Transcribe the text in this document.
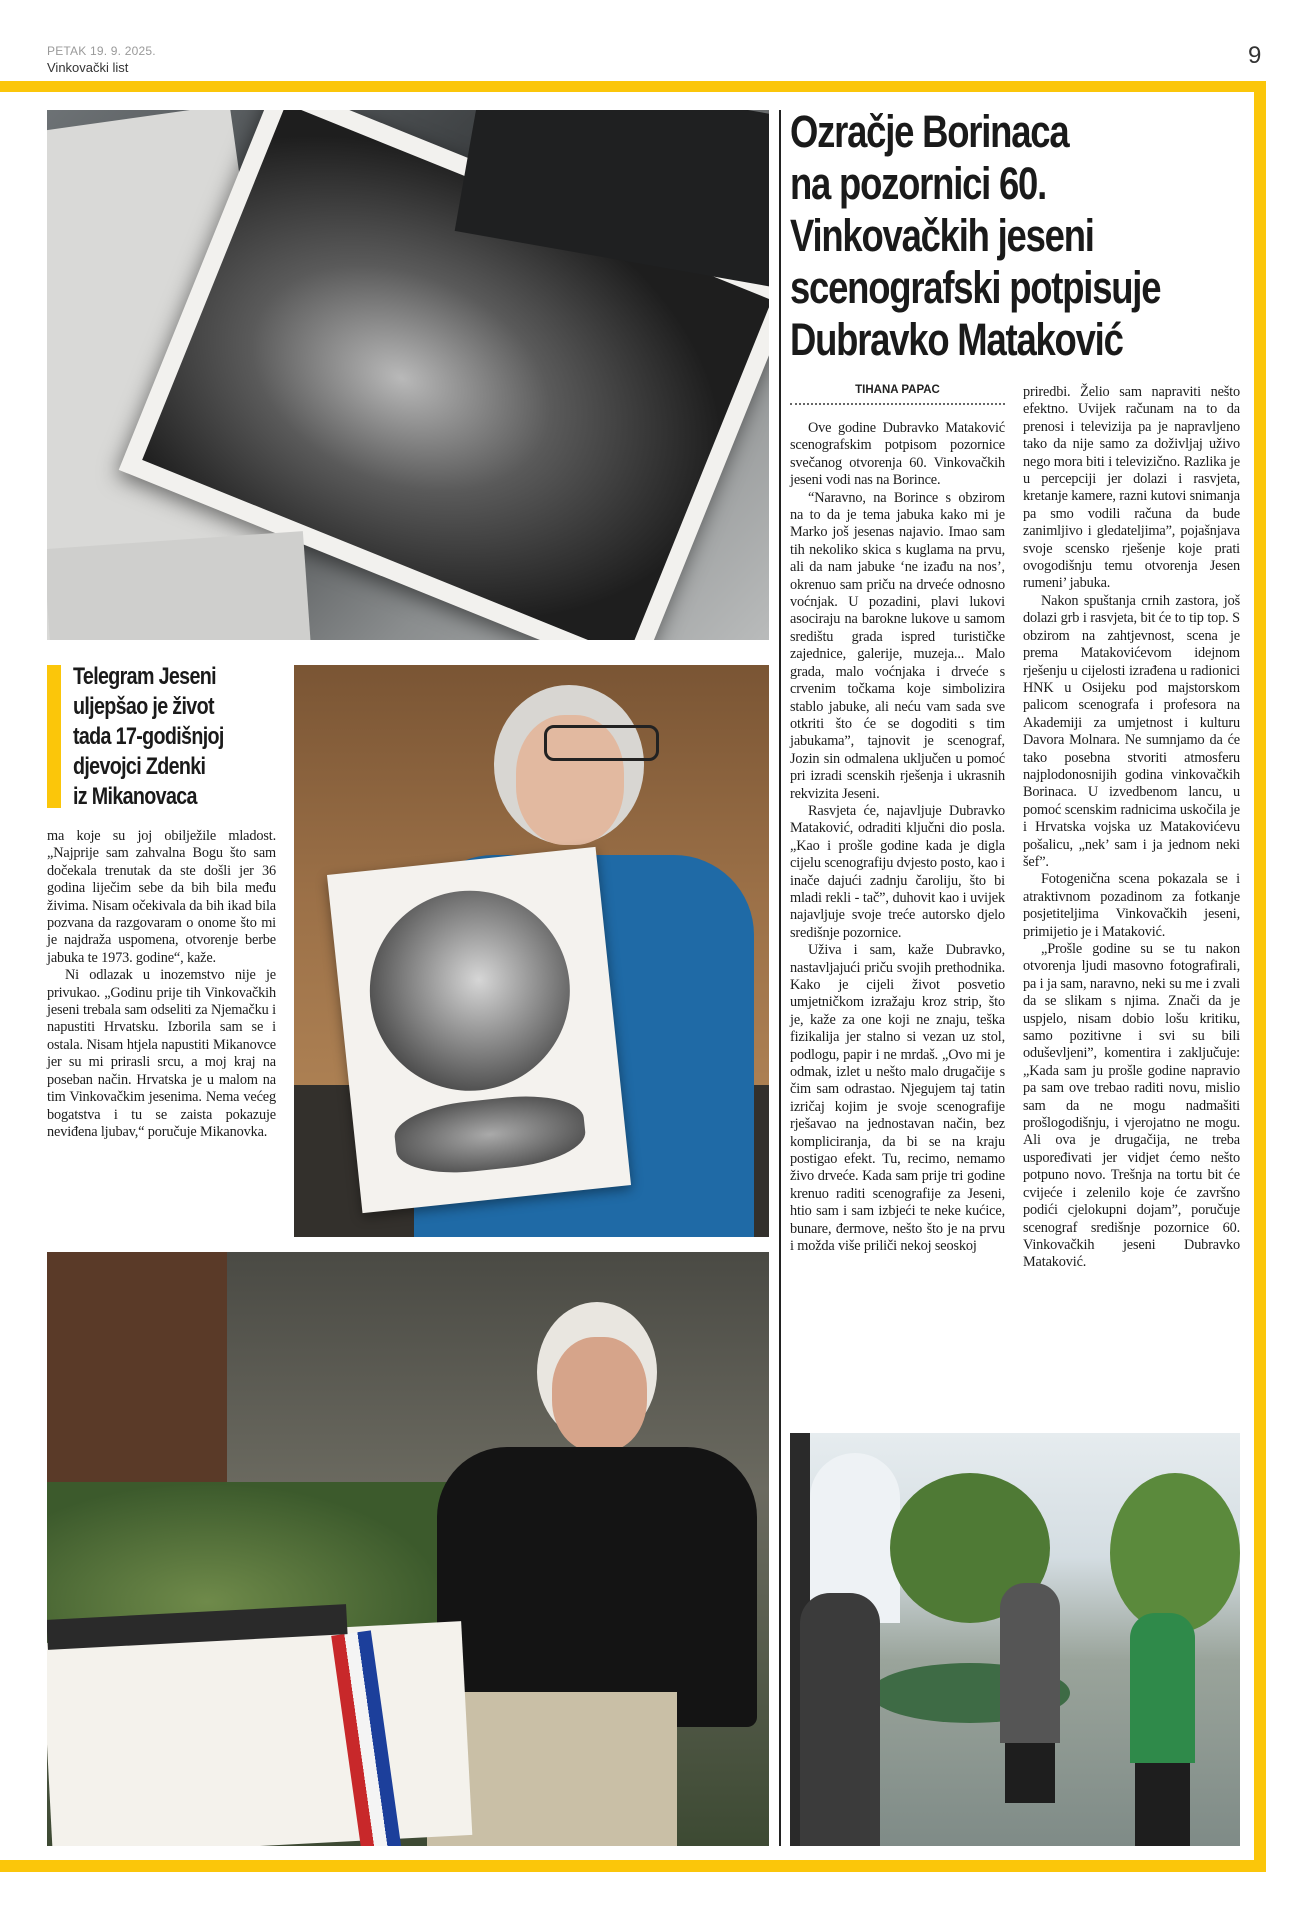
PETAK 19. 9. 2025.
Vinkovački list	9
Telegram Jeseni
uljepšao je život
tada 17-godišnjoj
djevojci Zdenki
iz Mikanovaca

ma koje su joj obilježile mladost. „Najprije sam zahvalna Bogu što sam dočekala trenutak da ste došli jer 36 godina liječim sebe da bih bila među živima. Nisam očekivala da bih ikad bila pozvana da razgovaram o onome što mi je najdraža uspomena, otvorenje berbe jabuka te 1973. godine“, kaže.

Ni odlazak u inozemstvo nije je privukao. „Godinu prije tih Vinkovačkih jeseni trebala sam odseliti za Njemačku i napustiti Hrvatsku. Izborila sam se i ostala. Nisam htjela napustiti Mikanovce jer su mi prirasli srcu, a moj kraj na poseban način. Hrvatska je u malom na tim Vinkovačkim jesenima. Nema većeg bogatstva i tu se zaista pokazuje neviđena ljubav,“ poručuje Mikanovka.

Ozračje Borinaca
na pozornici 60.
Vinkovačkih jeseni
scenografski potpisuje
Dubravko Mataković
TIHANA PAPAC

Ove godine Dubravko Mataković scenografskim potpisom pozornice svečanog otvorenja 60. Vinkovačkih jeseni vodi nas na Borince.

“Naravno, na Borince s obzirom na to da je tema jabuka kako mi je Marko još jesenas najavio. Imao sam tih nekoliko skica s kuglama na prvu, ali da nam jabuke ‘ne izađu na nos’, okrenuo sam priču na drveće odnosno voćnjak. U pozadini, plavi lukovi asociraju na barokne lukove u samom središtu grada ispred turističke zajednice, galerije, muzeja... Malo grada, malo voćnjaka i drveće s crvenim točkama koje simbolizira stablo jabuke, ali neću vam sada sve otkriti što će se dogoditi s tim jabukama”, tajnovit je scenograf, Jozin sin odmalena uključen u pomoć pri izradi scenskih rješenja i ukrasnih rekvizita Jeseni.

Rasvjeta će, najavljuje Dubravko Mataković, odraditi ključni dio posla. „Kao i prošle godine kada je digla cijelu scenografiju dvjesto posto, kao i inače dajući zadnju čaroliju, što bi mladi rekli - tač”, duhovit kao i uvijek najavljuje svoje treće autorsko djelo središnje pozornice.

Uživa i sam, kaže Dubravko, nastavljajući priču svojih prethodnika. Kako je cijeli život posvetio umjetničkom izražaju kroz strip, što je, kaže za one koji ne znaju, teška fizikalija jer stalno si vezan uz stol, podlogu, papir i ne mrdaš. „Ovo mi je odmak, izlet u nešto malo drugačije s čim sam odrastao. Njegujem taj tatin izričaj kojim je svoje scenografije rješavao na jednostavan način, bez kompliciranja, da bi se na kraju postigao efekt. Tu, recimo, nemamo živo drveće. Kada sam prije tri godine krenuo raditi scenografije za Jeseni, htio sam i sam izbjeći te neke kućice, bunare, đermove, nešto što je na prvu i možda više priliči nekoj seoskoj

priredbi. Želio sam napraviti nešto efektno. Uvijek računam na to da prenosi i televizija pa je napravljeno tako da nije samo za doživljaj uživo nego mora biti i televizično. Razlika je u percepciji jer dolazi i rasvjeta, kretanje kamere, razni kutovi snimanja pa smo vodili računa da bude zanimljivo i gledateljima”, pojašnjava svoje scensko rješenje koje prati ovogodišnju temu otvorenja Jesen rumeni’ jabuka.

Nakon spuštanja crnih zastora, još dolazi grb i rasvjeta, bit će to tip top. S obzirom na zahtjevnost, scena je prema Matakovićevom idejnom rješenju u cijelosti izrađena u radionici HNK u Osijeku pod majstorskom palicom scenografa i profesora na Akademiji za umjetnost i kulturu Davora Molnara. Ne sumnjamo da će tako posebna stvoriti atmosferu najplodonosnijih godina vinkovačkih Borinaca. U izvedbenom lancu, u pomoć scenskim radnicima uskočila je i Hrvatska vojska uz Matakovićevu pošalicu, „nek’ sam i ja jednom neki šef”.

Fotogenična scena pokazala se i atraktivnom pozadinom za fotkanje posjetiteljima Vinkovačkih jeseni, primijetio je i Mataković.

„Prošle godine su se tu nakon otvorenja ljudi masovno fotografirali, pa i ja sam, naravno, neki su me i zvali da se slikam s njima. Znači da je uspjelo, nisam dobio lošu kritiku, samo pozitivne i svi su bili oduševljeni”, komentira i zaključuje: „Kada sam ju prošle godine napravio pa sam ove trebao raditi novu, mislio sam da ne mogu nadmašiti prošlogodišnju, i vjerojatno ne mogu. Ali ova je drugačija, ne treba uspoređivati jer vidjet ćemo nešto potpuno novo. Trešnja na tortu bit će cvijeće i zelenilo koje će završno podići cjelokupni dojam”, poručuje scenograf središnje pozornice 60. Vinkovačkih jeseni Dubravko Mataković.
